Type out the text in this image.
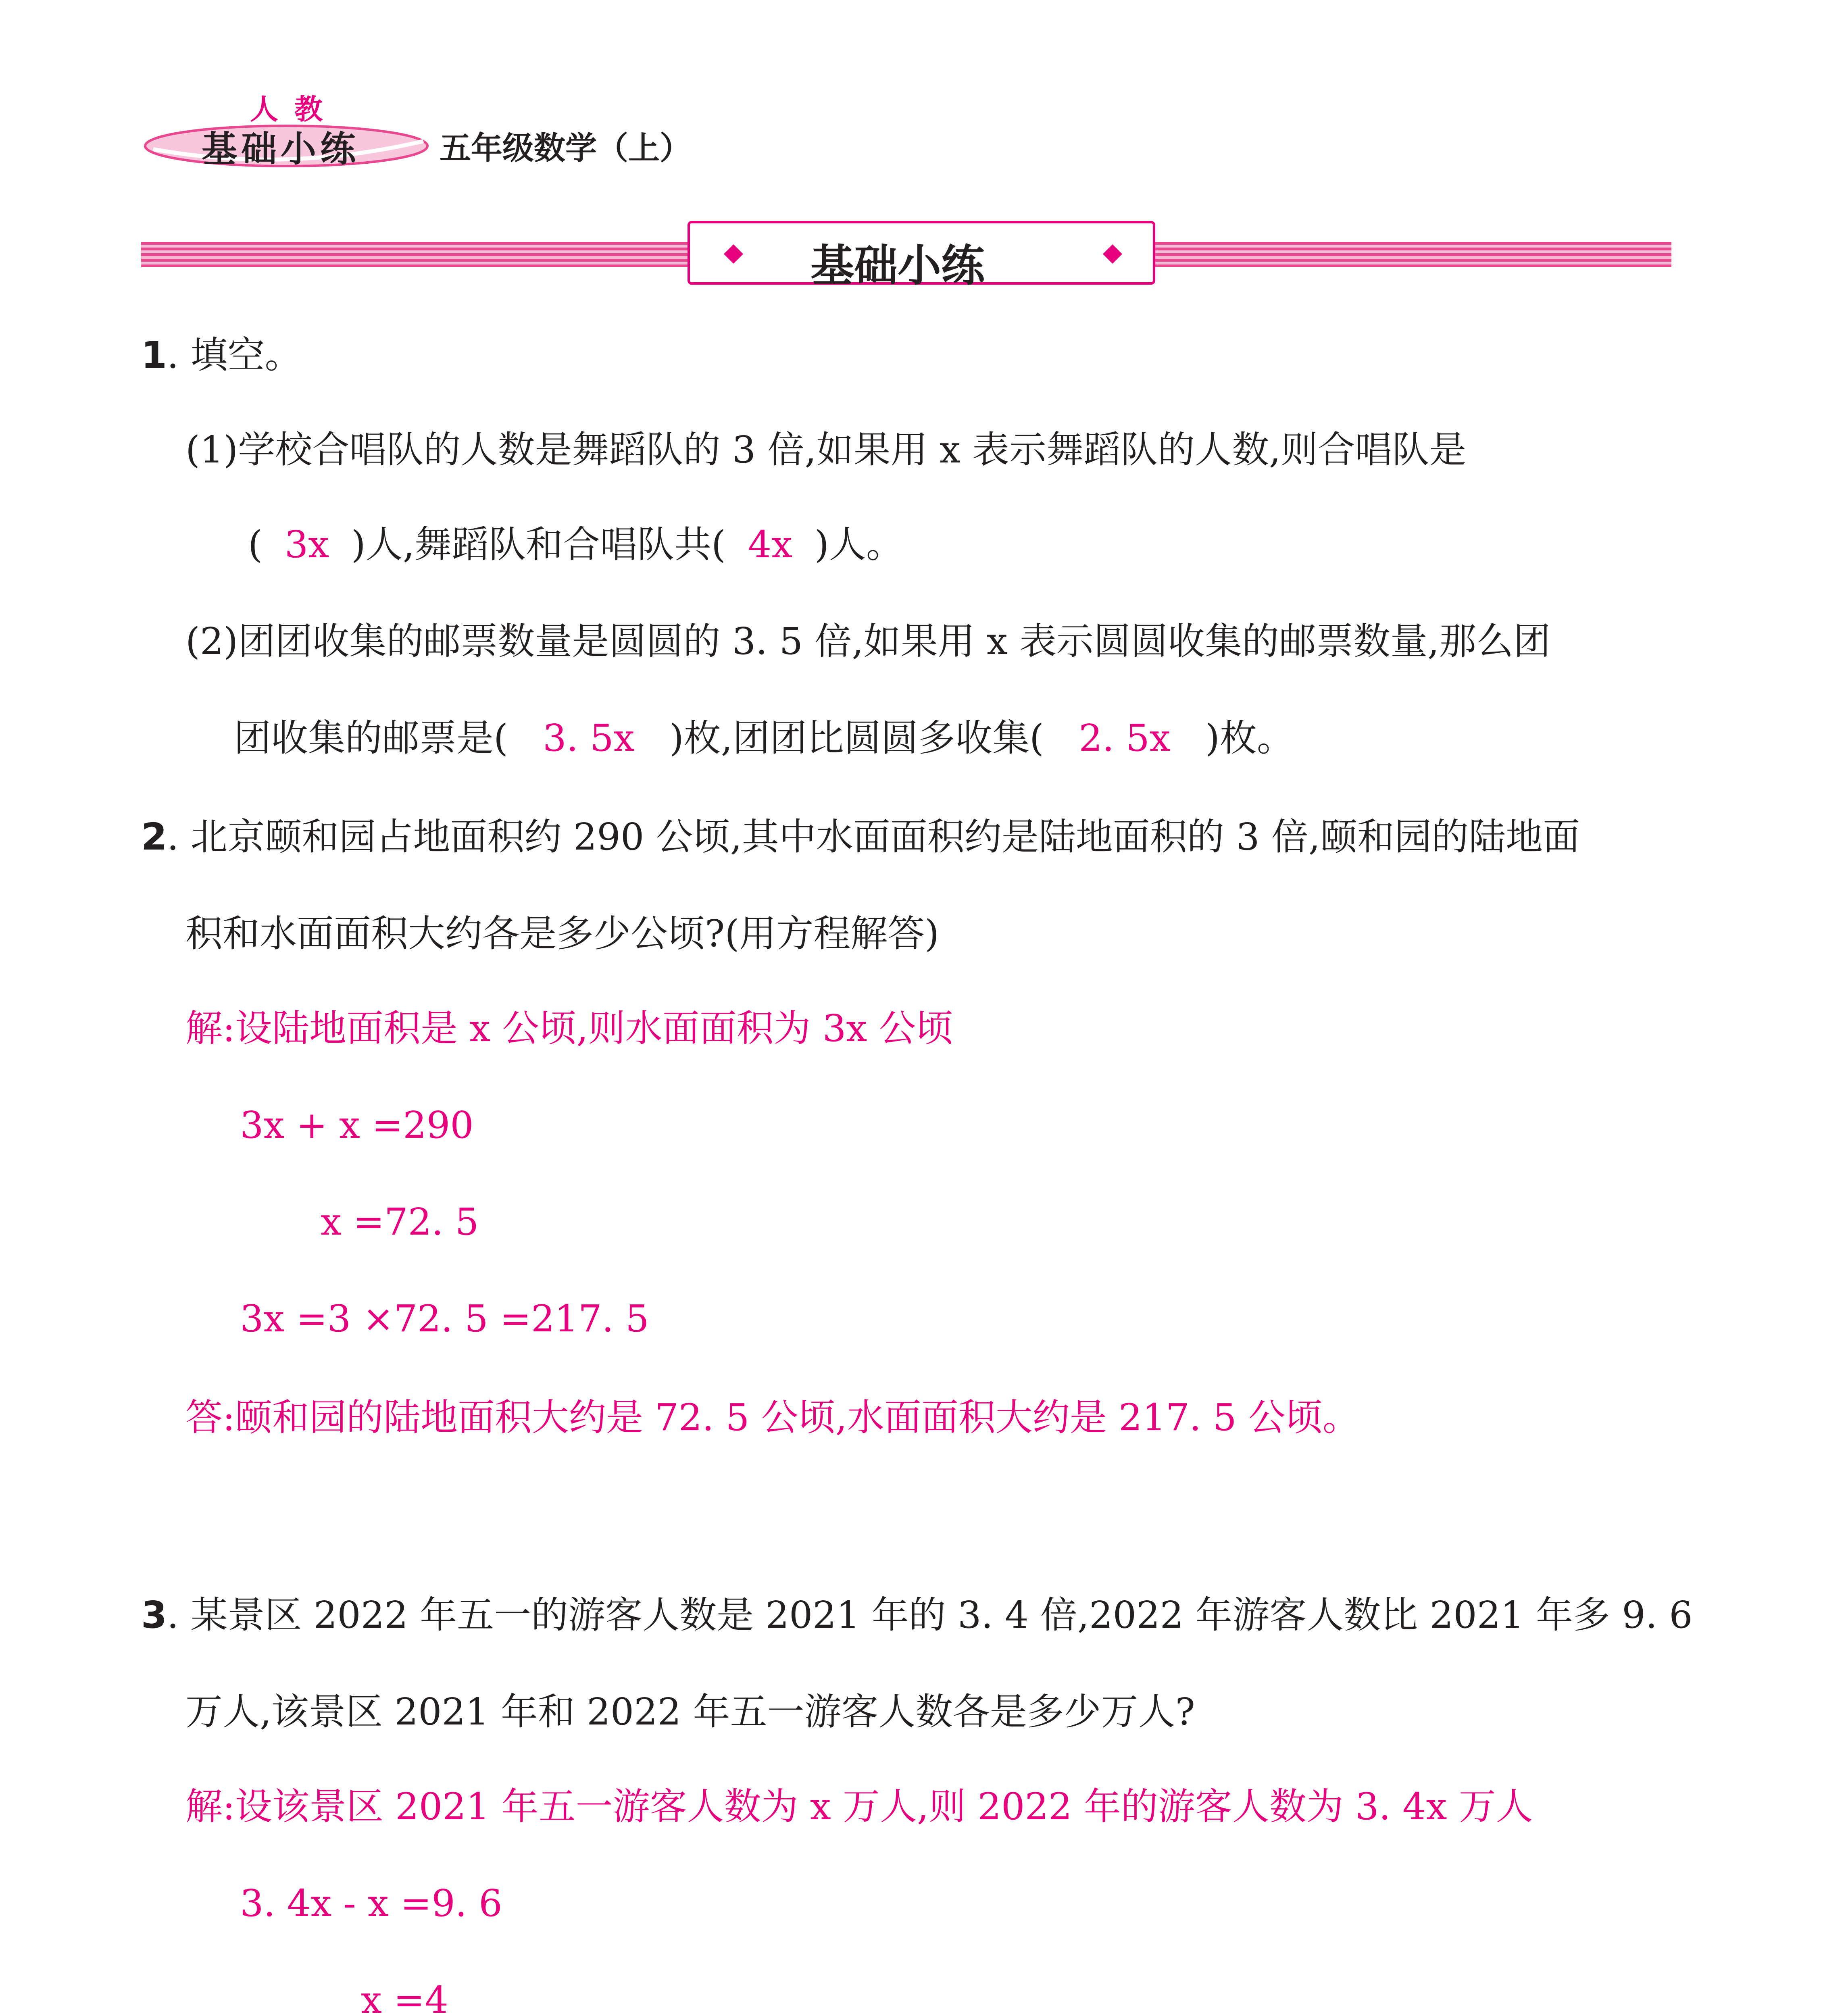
人教
基础小练	五年级数学（上）
基础小练
1. 填空。
(1)学校合唱队的人数是舞蹈队的 3 倍,如果用 x 表示舞蹈队的人数,则合唱队是
( 3x )人,舞蹈队和合唱队共( 4x )人。
(2)团团收集的邮票数量是圆圆的 3. 5 倍,如果用 x 表示圆圆收集的邮票数量,那么团
团收集的邮票是( 3. 5x )枚,团团比圆圆多收集( 2. 5x )枚。
2. 北京颐和园占地面积约 290 公顷,其中水面面积约是陆地面积的 3 倍,颐和园的陆地面
积和水面面积大约各是多少公顷?(用方程解答)
解:设陆地面积是 x 公顷,则水面面积为 3x 公顷
3x + x =290
x =72. 5
3x =3 ×72. 5 =217. 5
答:颐和园的陆地面积大约是 72. 5 公顷,水面面积大约是 217. 5 公顷。
3. 某景区 2022 年五一的游客人数是 2021 年的 3. 4 倍,2022 年游客人数比 2021 年多 9. 6
万人,该景区 2021 年和 2022 年五一游客人数各是多少万人?
解:设该景区 2021 年五一游客人数为 x 万人,则 2022 年的游客人数为 3. 4x 万人
3. 4x - x =9. 6
x =4
